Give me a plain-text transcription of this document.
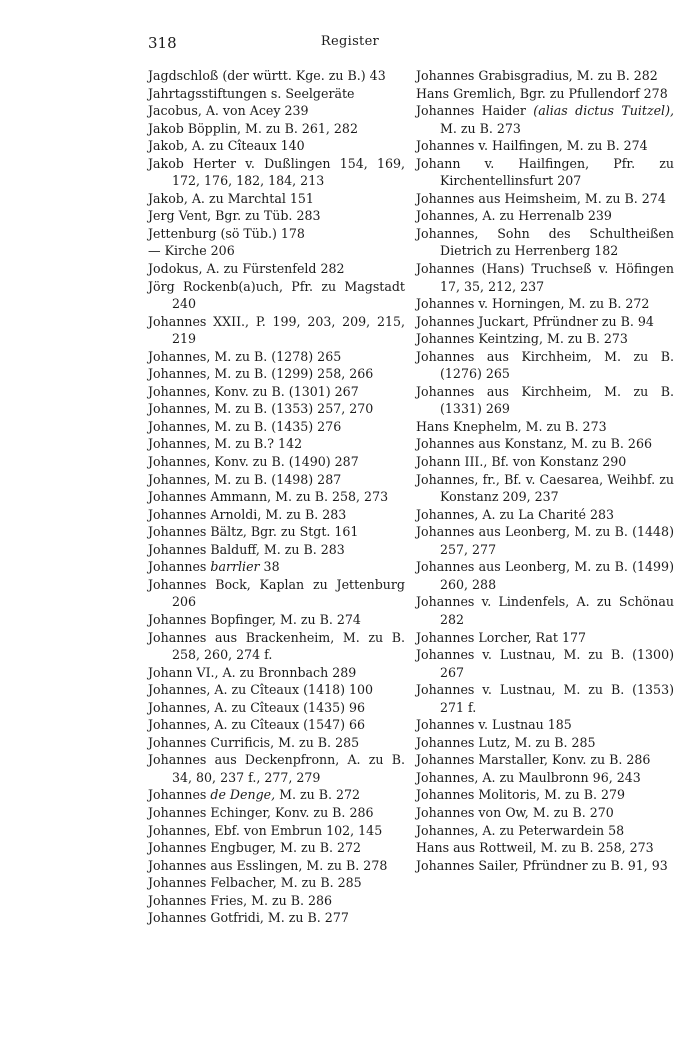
318	Register
Jagdschloß (der württ. Kge. zu B.) 43
Jahrtagsstiftungen s. Seelgeräte
Jacobus, A. von Acey 239
Jakob Böpplin, M. zu B. 261, 282
Jakob, A. zu Cîteaux 140
Jakob Herter v. Dußlingen 154, 169, 172, 176, 182, 184, 213
Jakob, A. zu Marchtal 151
Jerg Vent, Bgr. zu Tüb. 283
Jettenburg (sö Tüb.) 178
— Kirche 206
Jodokus, A. zu Fürstenfeld 282
Jörg Rockenb(a)uch, Pfr. zu Magstadt 240
Johannes XXII., P. 199, 203, 209, 215, 219
Johannes, M. zu B. (1278) 265
Johannes, M. zu B. (1299) 258, 266
Johannes, Konv. zu B. (1301) 267
Johannes, M. zu B. (1353) 257, 270
Johannes, M. zu B. (1435) 276
Johannes, M. zu B.? 142
Johannes, Konv. zu B. (1490) 287
Johannes, M. zu B. (1498) 287
Johannes Ammann, M. zu B. 258, 273
Johannes Arnoldi, M. zu B. 283
Johannes Bältz, Bgr. zu Stgt. 161
Johannes Balduff, M. zu B. 283
Johannes barrlier 38
Johannes Bock, Kaplan zu Jettenburg 206
Johannes Bopfinger, M. zu B. 274
Johannes aus Brackenheim, M. zu B. 258, 260, 274 f.
Johann VI., A. zu Bronnbach 289
Johannes, A. zu Cîteaux (1418) 100
Johannes, A. zu Cîteaux (1435) 96
Johannes, A. zu Cîteaux (1547) 66
Johannes Currificis, M. zu B. 285
Johannes aus Deckenpfronn, A. zu B. 34, 80, 237 f., 277, 279
Johannes de Denge, M. zu B. 272
Johannes Echinger, Konv. zu B. 286
Johannes, Ebf. von Embrun 102, 145
Johannes Engbuger, M. zu B. 272
Johannes aus Esslingen, M. zu B. 278
Johannes Felbacher, M. zu B. 285
Johannes Fries, M. zu B. 286
Johannes Gotfridi, M. zu B. 277
Johannes Grabisgradius, M. zu B. 282
Hans Gremlich, Bgr. zu Pfullendorf 278
Johannes Haider (alias dictus Tuitzel), M. zu B. 273
Johannes v. Hailfingen, M. zu B. 274
Johann v. Hailfingen, Pfr. zu Kirchentellinsfurt 207
Johannes aus Heimsheim, M. zu B. 274
Johannes, A. zu Herrenalb 239
Johannes, Sohn des Schultheißen Dietrich zu Herrenberg 182
Johannes (Hans) Truchseß v. Höfingen 17, 35, 212, 237
Johannes v. Horningen, M. zu B. 272
Johannes Juckart, Pfründner zu B. 94
Johannes Keintzing, M. zu B. 273
Johannes aus Kirchheim, M. zu B. (1276) 265
Johannes aus Kirchheim, M. zu B. (1331) 269
Hans Knephelm, M. zu B. 273
Johannes aus Konstanz, M. zu B. 266
Johann III., Bf. von Konstanz 290
Johannes, fr., Bf. v. Caesarea, Weihbf. zu Konstanz 209, 237
Johannes, A. zu La Charité 283
Johannes aus Leonberg, M. zu B. (1448) 257, 277
Johannes aus Leonberg, M. zu B. (1499) 260, 288
Johannes v. Lindenfels, A. zu Schönau 282
Johannes Lorcher, Rat 177
Johannes v. Lustnau, M. zu B. (1300) 267
Johannes v. Lustnau, M. zu B. (1353) 271 f.
Johannes v. Lustnau 185
Johannes Lutz, M. zu B. 285
Johannes Marstaller, Konv. zu B. 286
Johannes, A. zu Maulbronn 96, 243
Johannes Molitoris, M. zu B. 279
Johannes von Ow, M. zu B. 270
Johannes, A. zu Peterwardein 58
Hans aus Rottweil, M. zu B. 258, 273
Johannes Sailer, Pfründner zu B. 91, 93
